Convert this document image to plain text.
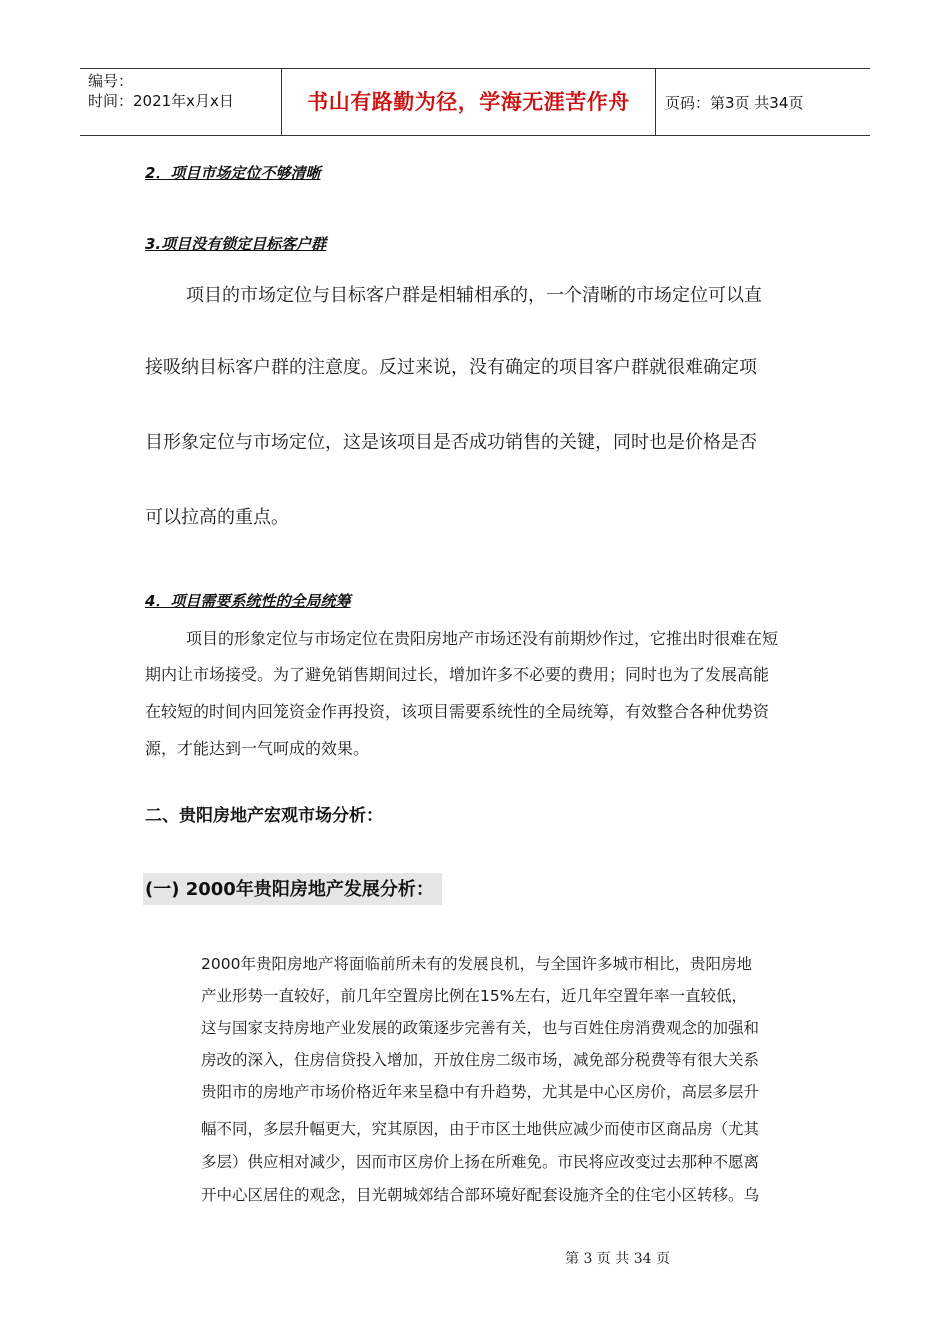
编号：
时间：2021年x月x日	书山有路勤为径，学海无涯苦作舟	页码：第3页 共34页
2．项目市场定位不够清晰
3.项目没有锁定目标客户群
项目的市场定位与目标客户群是相辅相承的，一个清晰的市场定位可以直
接吸纳目标客户群的注意度。反过来说，没有确定的项目客户群就很难确定项
目形象定位与市场定位，这是该项目是否成功销售的关键，同时也是价格是否
可以拉高的重点。
4．项目需要系统性的全局统筹
项目的形象定位与市场定位在贵阳房地产市场还没有前期炒作过，它推出时很难在短
期内让市场接受。为了避免销售期间过长，增加许多不必要的费用；同时也为了发展高能
在较短的时间内回笼资金作再投资，该项目需要系统性的全局统筹，有效整合各种优势资
源，才能达到一气呵成的效果。
二、贵阳房地产宏观市场分析：
(一) 2000年贵阳房地产发展分析：
2000年贵阳房地产将面临前所未有的发展良机，与全国许多城市相比，贵阳房地
产业形势一直较好，前几年空置房比例在15%左右，近几年空置年率一直较低，
这与国家支持房地产业发展的政策逐步完善有关，也与百姓住房消费观念的加强和
房改的深入，住房信贷投入增加，开放住房二级市场，减免部分税费等有很大关系
贵阳市的房地产市场价格近年来呈稳中有升趋势，尤其是中心区房价，高层多层升
幅不同，多层升幅更大，究其原因，由于市区土地供应减少而使市区商品房（尤其
多层）供应相对减少，因而市区房价上扬在所难免。市民将应改变过去那种不愿离
开中心区居住的观念，目光朝城郊结合部环境好配套设施齐全的住宅小区转移。乌
第 3 页 共 34 页
